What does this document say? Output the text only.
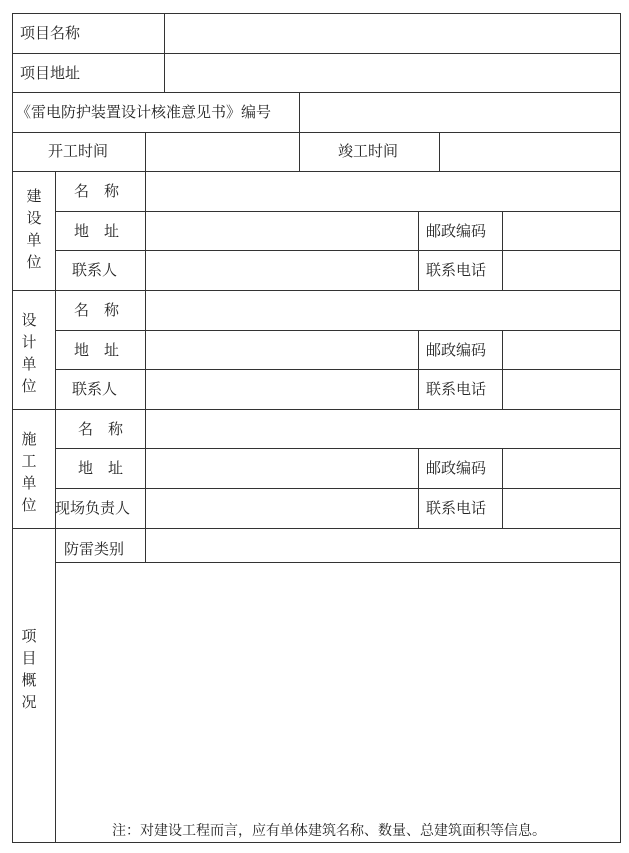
项目名称
项目地址
《雷电防护装置设计核准意见书》编号
开工时间	竣工时间
建设单位
名　称
地　址	邮政编码
联系人	联系电话
设计单位
名　称
地　址	邮政编码
联系人	联系电话
施工单位
名　称
地　址	邮政编码
现场负责人	联系电话
项目概况
防雷类别
注：对建设工程而言，应有单体建筑名称、数量、总建筑面积等信息。
